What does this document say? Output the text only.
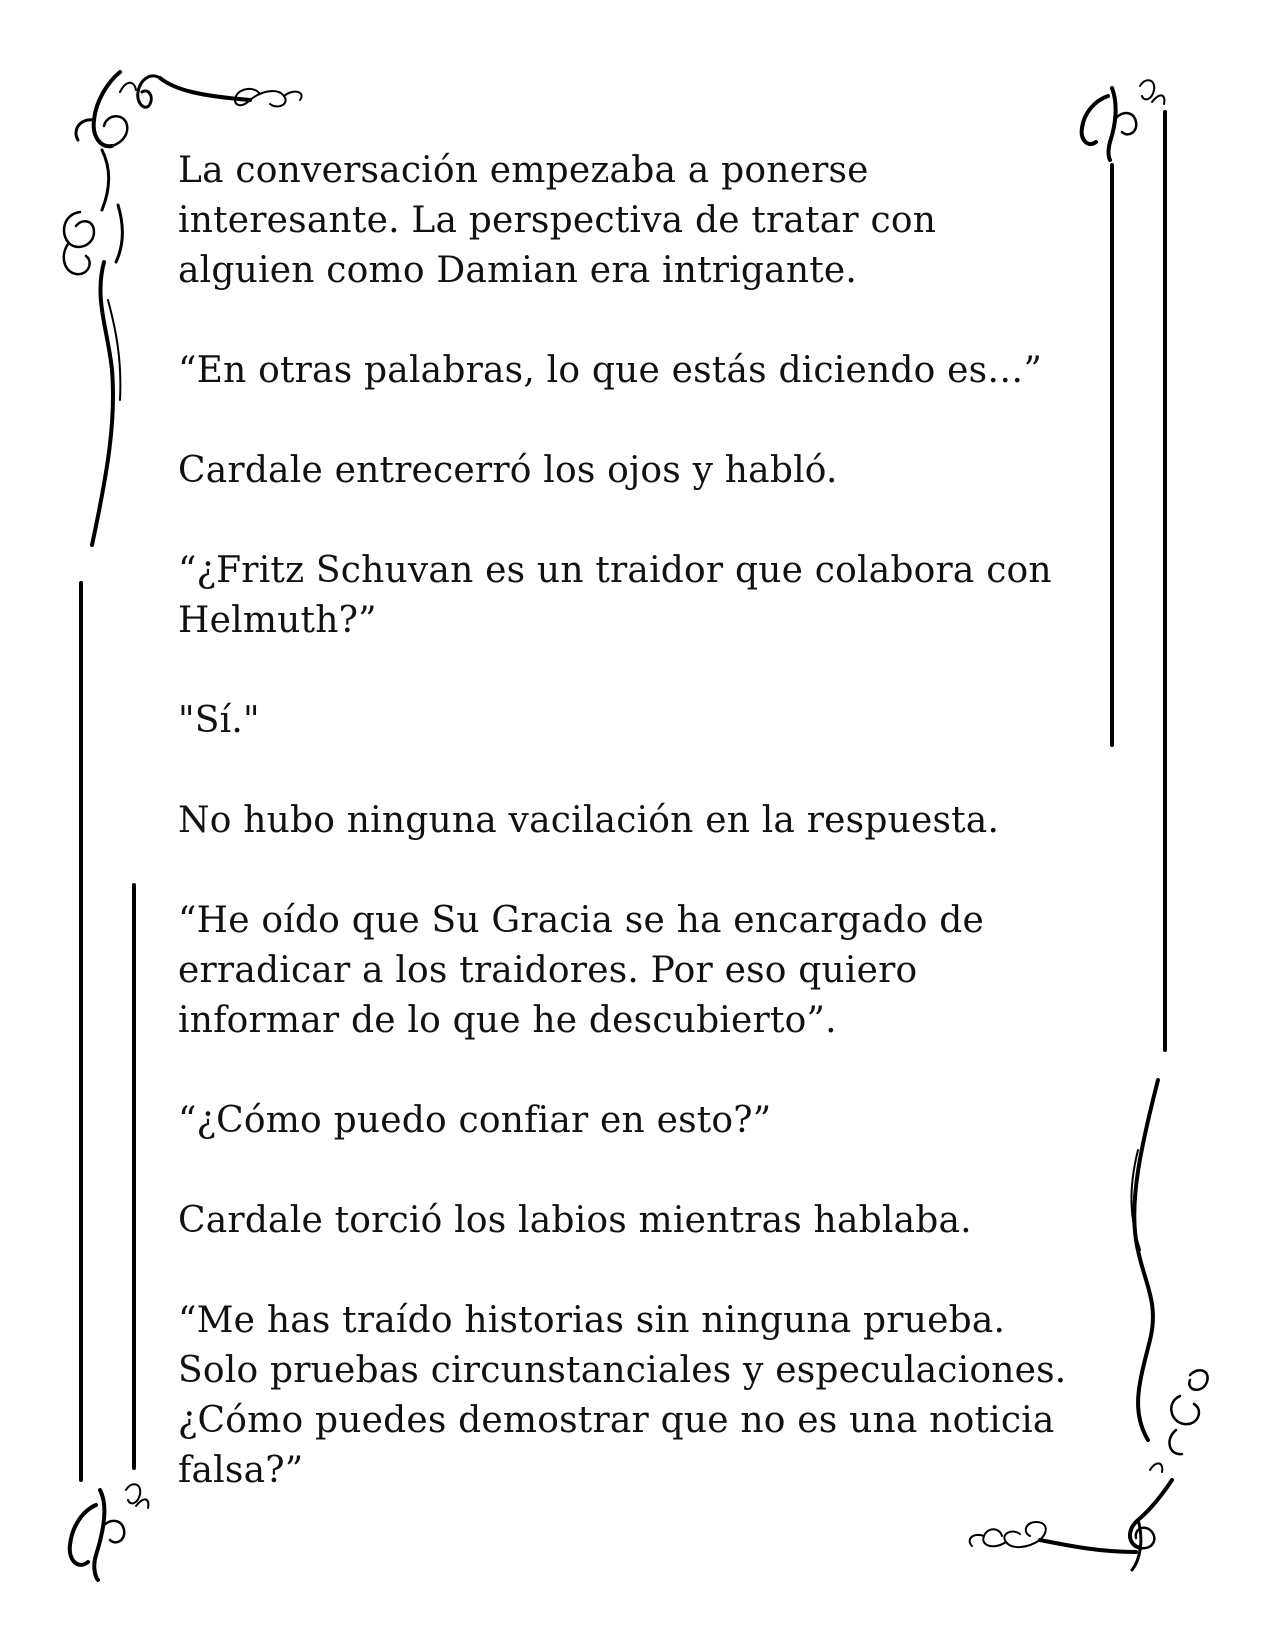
La conversación empezaba a ponerse
interesante. La perspectiva de tratar con
alguien como Damian era intrigante.

“En otras palabras, lo que estás diciendo es…”

Cardale entrecerró los ojos y habló.

“¿Fritz Schuvan es un traidor que colabora con
Helmuth?”

"Sí."

No hubo ninguna vacilación en la respuesta.

“He oído que Su Gracia se ha encargado de
erradicar a los traidores. Por eso quiero
informar de lo que he descubierto”.

“¿Cómo puedo confiar en esto?”

Cardale torció los labios mientras hablaba.

“Me has traído historias sin ninguna prueba.
Solo pruebas circunstanciales y especulaciones.
¿Cómo puedes demostrar que no es una noticia
falsa?”
